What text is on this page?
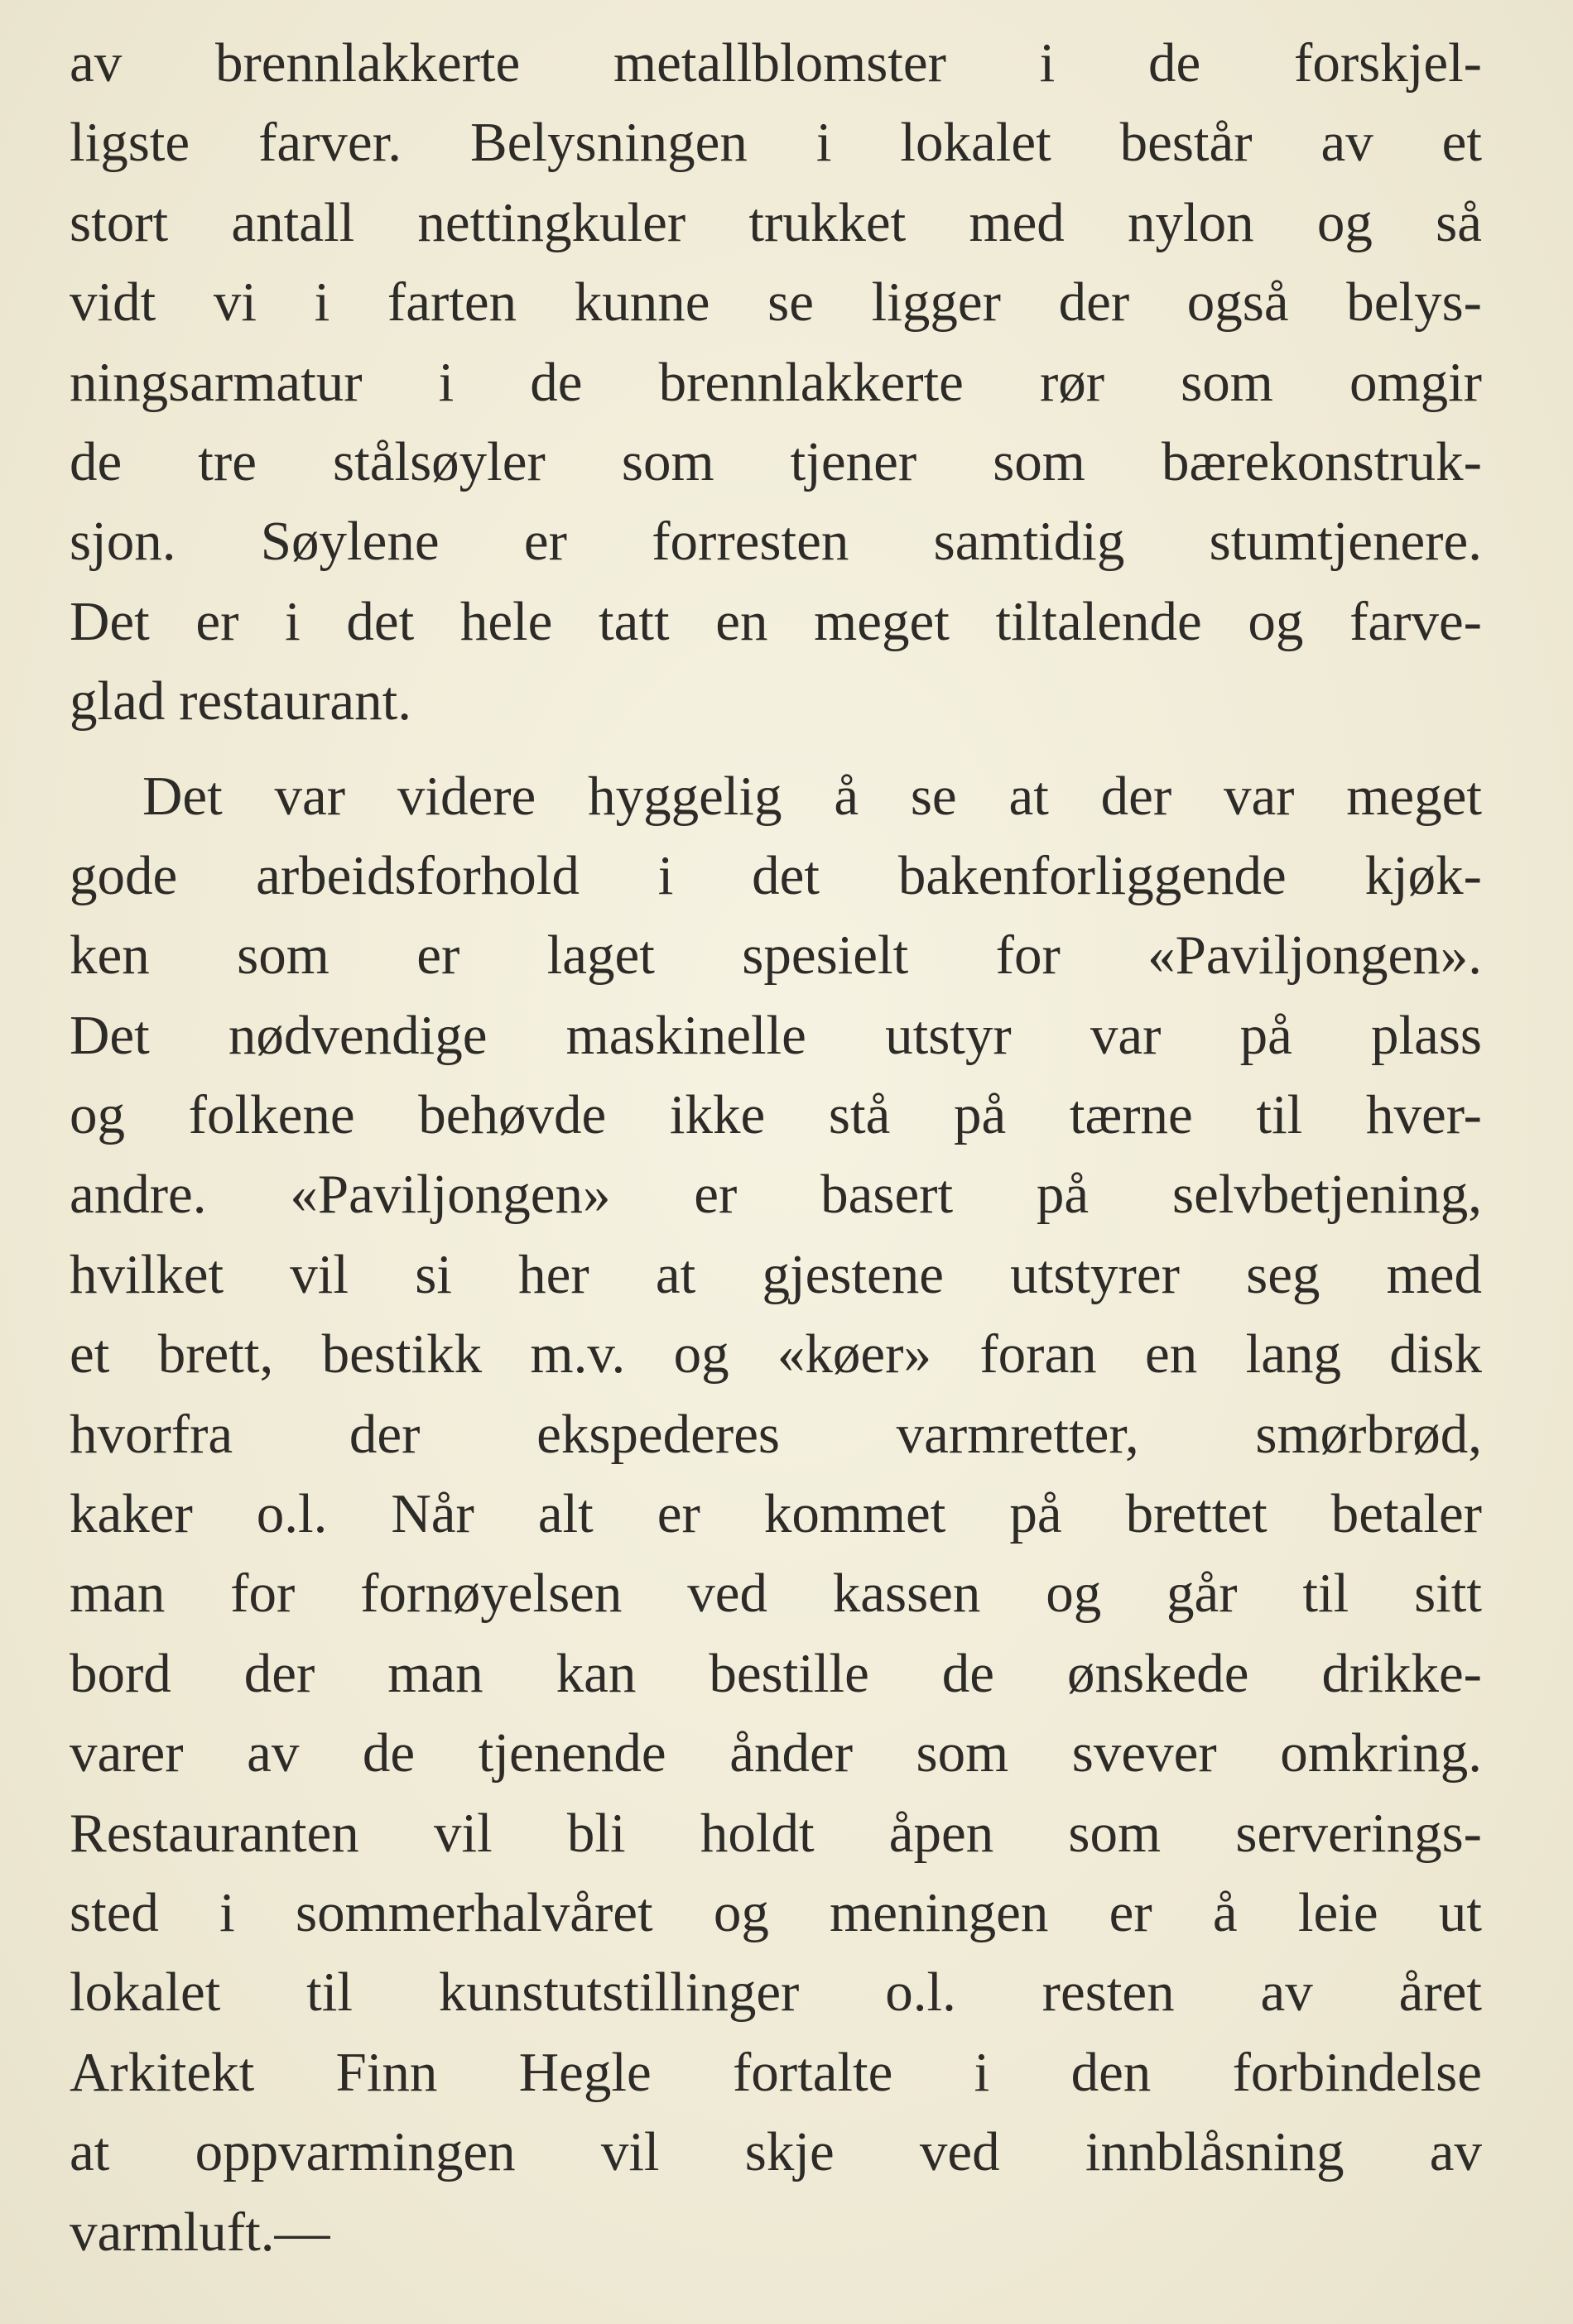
av brennlakkerte metallblomster i de forskjel-
ligste farver. Belysningen i lokalet består av et
stort antall nettingkuler trukket med nylon og så
vidt vi i farten kunne se ligger der også belys-
ningsarmatur i de brennlakkerte rør som omgir
de tre stålsøyler som tjener som bærekonstruk-
sjon. Søylene er forresten samtidig stumtjenere.
Det er i det hele tatt en meget tiltalende og farve-
glad restaurant.
Det var videre hyggelig å se at der var meget
gode arbeidsforhold i det bakenforliggende kjøk-
ken som er laget spesielt for «Paviljongen».
Det nødvendige maskinelle utstyr var på plass
og folkene behøvde ikke stå på tærne til hver-
andre. «Paviljongen» er basert på selvbetjening,
hvilket vil si her at gjestene utstyrer seg med
et brett, bestikk m.v. og «køer» foran en lang disk
hvorfra der ekspederes varmretter, smørbrød,
kaker o.l. Når alt er kommet på brettet betaler
man for fornøyelsen ved kassen og går til sitt
bord der man kan bestille de ønskede drikke-
varer av de tjenende ånder som svever omkring.
Restauranten vil bli holdt åpen som serverings-
sted i sommerhalvåret og meningen er å leie ut
lokalet til kunstutstillinger o.l. resten av året
Arkitekt Finn Hegle fortalte i den forbindelse
at oppvarmingen vil skje ved innblåsning av
varmluft.—
